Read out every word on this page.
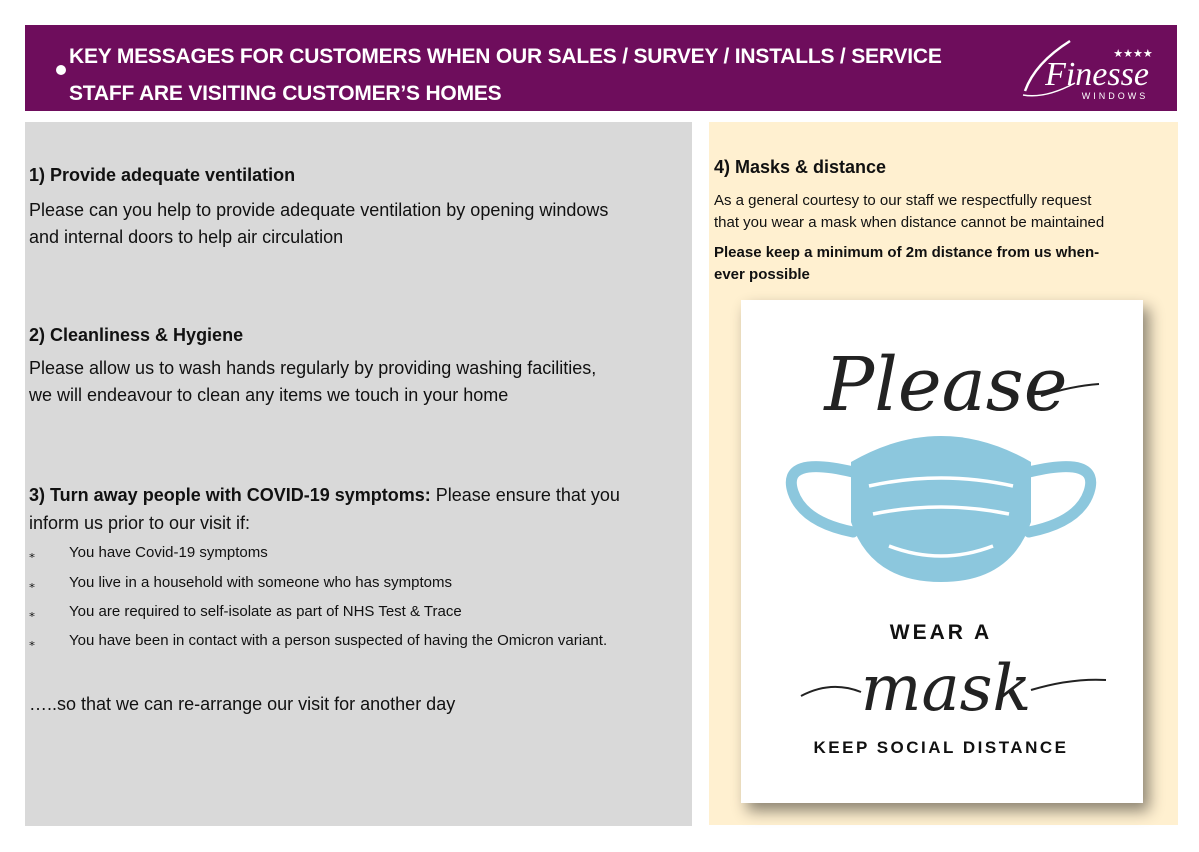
KEY MESSAGES FOR CUSTOMERS WHEN OUR SALES / SURVEY / INSTALLS / SERVICE
STAFF ARE VISITING CUSTOMER’S HOMES
★★★★
Finesse
WINDOWS
1) Provide adequate ventilation
Please can you help to provide adequate ventilation by opening windows
and internal doors to help air circulation
2) Cleanliness & Hygiene
Please allow us to wash hands regularly by providing washing facilities,
we will endeavour to clean any items we touch in your home
3) Turn away people with COVID-19 symptoms: Please ensure that you
inform us prior to our visit if:
⁎ You have Covid-19 symptoms
⁎ You live in a household with someone who has symptoms
⁎ You are required to self-isolate as part of NHS Test & Trace
⁎ You have been in contact with a person suspected of having the Omicron variant.
…..so that we can re-arrange our visit for another day
4) Masks & distance
As a general courtesy to our staff we respectfully request
that you wear a mask when distance cannot be maintained
Please keep a minimum of 2m distance from us when-
ever possible
Please
WEAR A
mask
KEEP SOCIAL DISTANCE
